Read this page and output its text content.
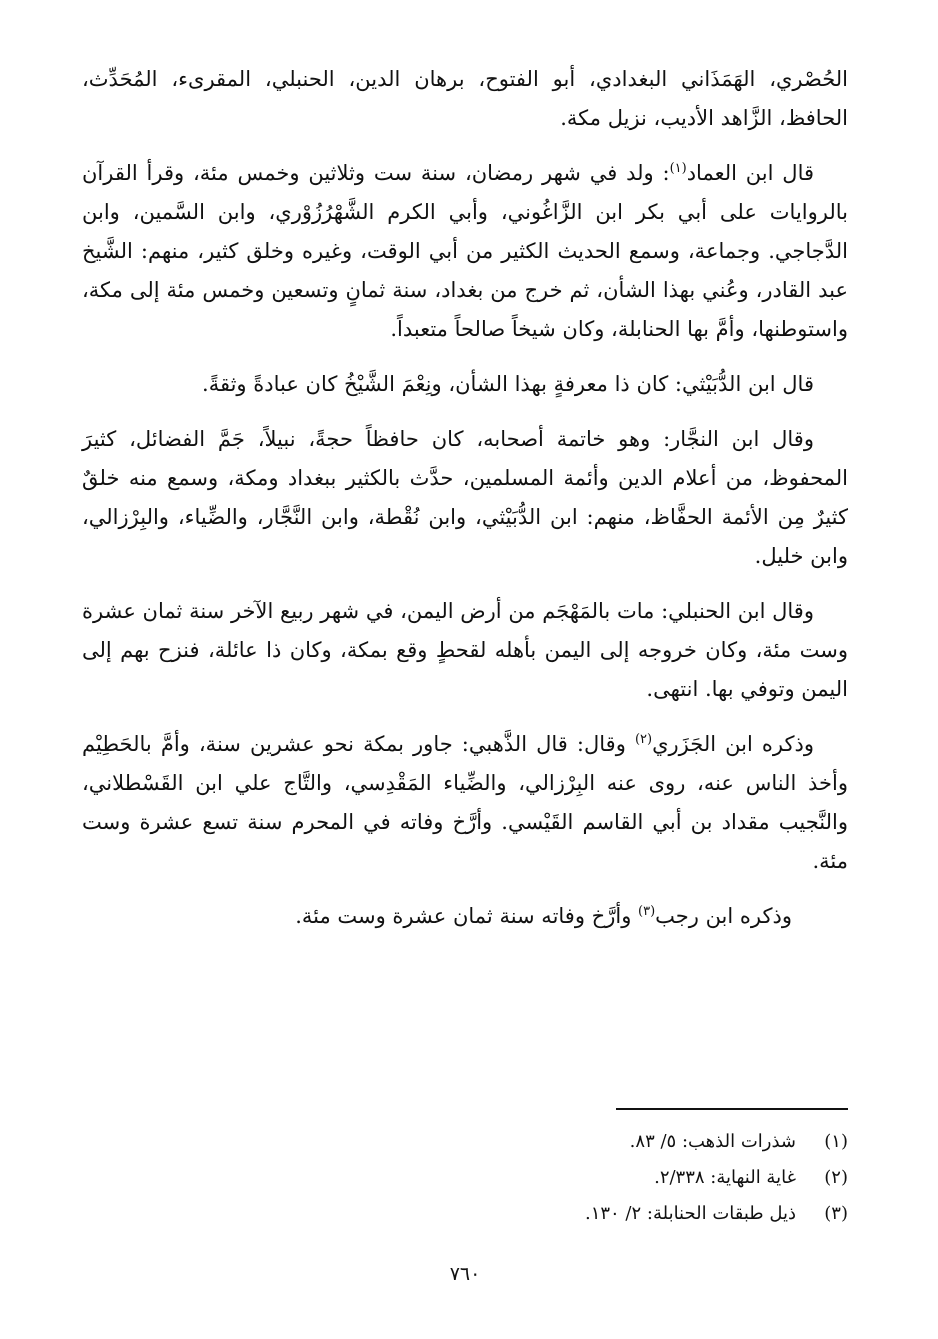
الحُصْري، الهَمَذَاني البغدادي، أبو الفتوح، برهان الدين، الحنبلي، المقرىء، المُحَدِّث، الحافظ، الزَّاهد الأديب، نزيل مكة.

قال ابن العماد$^{(١)}$: ولد في شهر رمضان، سنة ست وثلاثين وخمس مئة، وقرأ القرآن بالروايات على أبي بكر ابن الزَّاغُوني، وأبي الكرم الشَّهْرُزُوْري، وابن السَّمين، وابن الدَّجاجي. وجماعة، وسمع الحديث الكثير من أبي الوقت، وغيره وخلق كثير، منهم: الشَّيخ عبد القادر، وعُني بهذا الشأن، ثم خرج من بغداد، سنة ثمانٍ وتسعين وخمس مئة إلى مكة، واستوطنها، وأمَّ بها الحنابلة، وكان شيخاً صالحاً متعبداً.

قال ابن الدُّبَيْثي: كان ذا معرفةٍ بهذا الشأن، ونِعْمَ الشَّيْخُ كان عبادةً وثقةً.

وقال ابن النجَّار: وهو خاتمة أصحابه، كان حافظاً حجةً، نبيلاً، جَمَّ الفضائل، كثيرَ المحفوظ، من أعلام الدين وأئمة المسلمين، حدَّث بالكثير ببغداد ومكة، وسمع منه خلقٌ كثيرٌ مِن الأئمة الحفَّاظ، منهم: ابن الدُّبَيْثي، وابن نُقْطة، وابن النَّجَّار، والضِّياء، والبِرْزالي، وابن خليل.

وقال ابن الحنبلي: مات بالمَهْجَم من أرض اليمن، في شهر ربيع الآخر سنة ثمان عشرة وست مئة، وكان خروجه إلى اليمن بأهله لقحطٍ وقع بمكة، وكان ذا عائلة، فنزح بهم إلى اليمن وتوفي بها. انتهى.

وذكره ابن الجَزَري$^{(٢)}$ وقال: قال الذَّهبي: جاور بمكة نحو عشرين سنة، وأمَّ بالحَطِيْم وأخذ الناس عنه، روى عنه البِرْزالي، والضِّياء المَقْدِسي، والتَّاج علي ابن القَسْطلاني، والنَّجيب مقداد بن أبي القاسم القَيْسي. وأرَّخ وفاته في المحرم سنة تسع عشرة وست مئة.

وذكره ابن رجب$^{(٣)}$ وأرَّخ وفاته سنة ثمان عشرة وست مئة.

(١)
شذرات الذهب: ٥/ ٨٣.
(٢)
غاية النهاية: ٢/٣٣٨.
(٣)
ذيل طبقات الحنابلة: ٢/ ١٣٠.
٧٦٠
